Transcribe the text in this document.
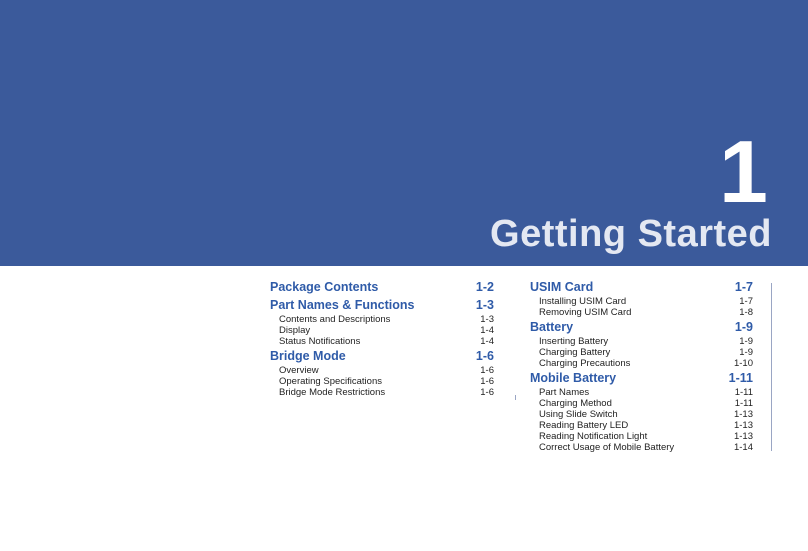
1
Getting Started
Package Contents	1-2
Part Names & Functions	1-3
Contents and Descriptions	1-3
Display	1-4
Status Notifications	1-4
Bridge Mode	1-6
Overview	1-6
Operating Specifications	1-6
Bridge Mode Restrictions	1-6
USIM Card	1-7
Installing USIM Card	1-7
Removing USIM Card	1-8
Battery	1-9
Inserting Battery	1-9
Charging Battery	1-9
Charging Precautions	1-10
Mobile Battery	1-11
Part Names	1-11
Charging Method	1-11
Using Slide Switch	1-13
Reading Battery LED	1-13
Reading Notification Light	1-13
Correct Usage of Mobile Battery	1-14
